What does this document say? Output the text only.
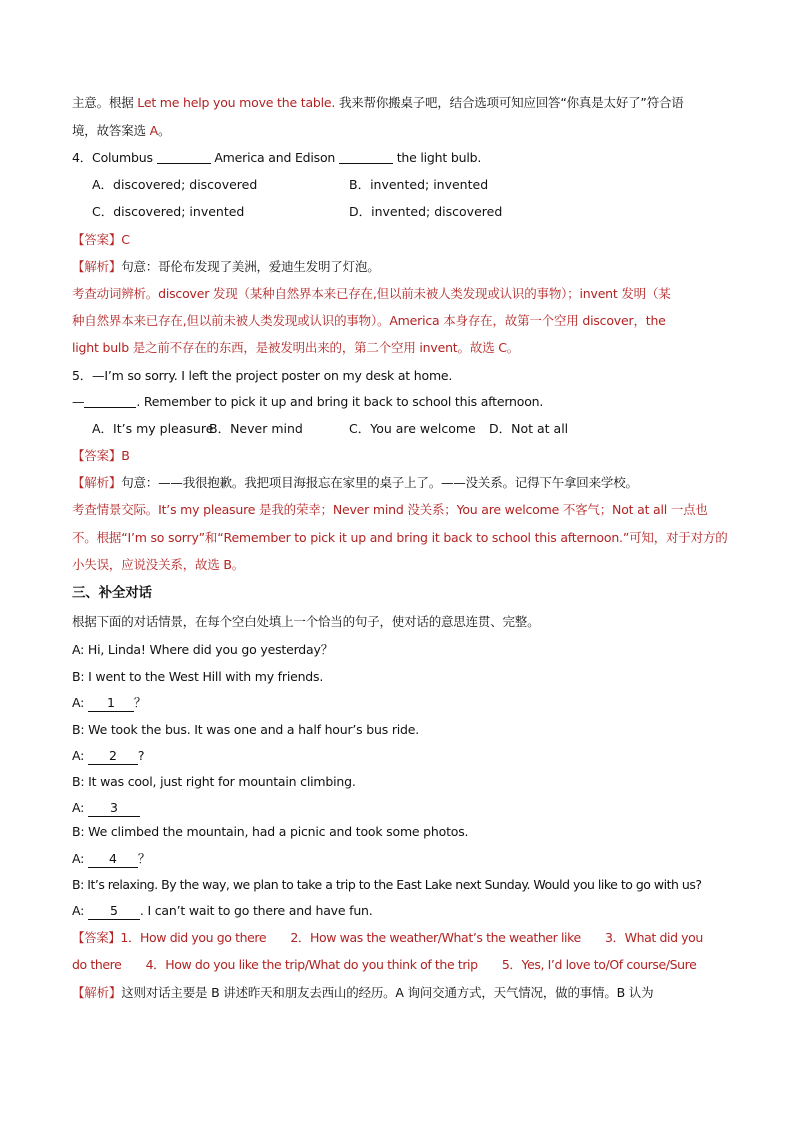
主意。根据 Let me help you move the table. 我来帮你搬桌子吧，结合选项可知应回答“你真是太好了”符合语
境，故答案选 A。
4．Columbus	America and Edison	the light bulb.
A．discovered; discovered	B．invented; invented
C．discovered; invented	D．invented; discovered
【答案】C
【解析】句意：哥伦布发现了美洲，爱迪生发明了灯泡。
考查动词辨析。discover 发现（某种自然界本来已存在,但以前未被人类发现或认识的事物）；invent 发明（某
种自然界本来已存在,但以前未被人类发现或认识的事物）。America 本身存在，故第一个空用 discover，the
light bulb 是之前不存在的东西，是被发明出来的，第二个空用 invent。故选 C。
5．—I’m so sorry. I left the project poster on my desk at home.
—	. Remember to pick it up and bring it back to school this afternoon.
A．It’s my pleasure
B．Never mind	C．You are welcome D．Not at all
【答案】B
【解析】句意：——我很抱歉。我把项目海报忘在家里的桌子上了。——没关系。记得下午拿回来学校。
考查情景交际。It’s my pleasure 是我的荣幸；Never mind 没关系；You are welcome 不客气；Not at all 一点也
不。根据“I’m so sorry”和“Remember to pick it up and bring it back to school this afternoon.”可知，对于对方的
小失误，应说没关系，故选 B。
三、补全对话
根据下面的对话情景，在每个空白处填上一个恰当的句子，使对话的意思连贯、完整。
A: Hi, Linda! Where did you go yesterday？
B: I went to the West Hill with my friends.
A: 1 ？
B: We took the bus. It was one and a half hour’s bus ride.
A: 2 ?
B: It was cool, just right for mountain climbing.
A: 3
B: We climbed the mountain, had a picnic and took some photos.
A: 4 ？
B: It’s relaxing. By the way, we plan to take a trip to the East Lake next Sunday. Would you like to go with us?
A: 5 . I can’t wait to go there and have fun.
【答案】1．How did you go there　　2．How was the weather/What’s the weather like　　3．What did you
do there　　4．How do you like the trip/What do you think of the trip　　5．Yes, I’d love to/Of course/Sure
【解析】这则对话主要是 B 讲述昨天和朋友去西山的经历。A 询问交通方式，天气情况，做的事情。B 认为
